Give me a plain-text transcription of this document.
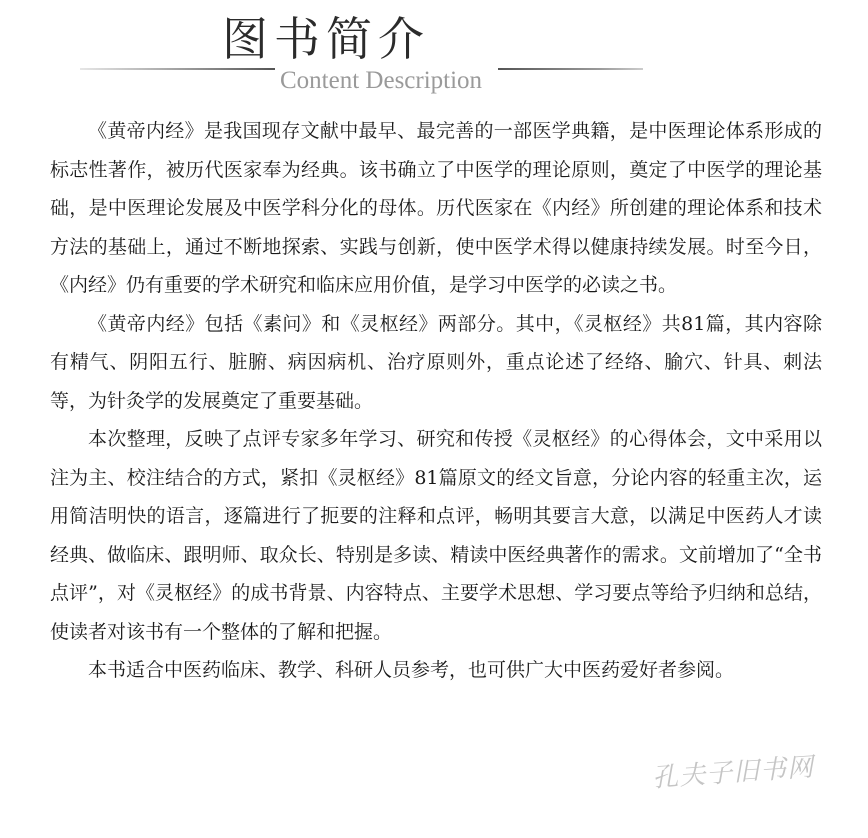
图书简介
Content Description

《黄帝内经》是我国现存文献中最早、最完善的一部医学典籍，是中医理论体系形成的标志性著作，被历代医家奉为经典。该书确立了中医学的理论原则，奠定了中医学的理论基础，是中医理论发展及中医学科分化的母体。历代医家在《内经》所创建的理论体系和技术方法的基础上，通过不断地探索、实践与创新，使中医学术得以健康持续发展。时至今日，《内经》仍有重要的学术研究和临床应用价值，是学习中医学的必读之书。

《黄帝内经》包括《素问》和《灵枢经》两部分。其中，《灵枢经》共81篇，其内容除有精气、阴阳五行、脏腑、病因病机、治疗原则外，重点论述了经络、腧穴、针具、刺法等，为针灸学的发展奠定了重要基础。

本次整理，反映了点评专家多年学习、研究和传授《灵枢经》的心得体会，文中采用以注为主、校注结合的方式，紧扣《灵枢经》81篇原文的经文旨意，分论内容的轻重主次，运用简洁明快的语言，逐篇进行了扼要的注释和点评，畅明其要言大意，以满足中医药人才读经典、做临床、跟明师、取众长、特别是多读、精读中医经典著作的需求。文前增加了“全书点评”，对《灵枢经》的成书背景、内容特点、主要学术思想、学习要点等给予归纳和总结，使读者对该书有一个整体的了解和把握。

本书适合中医药临床、教学、科研人员参考，也可供广大中医药爱好者参阅。

孔夫子旧书网
